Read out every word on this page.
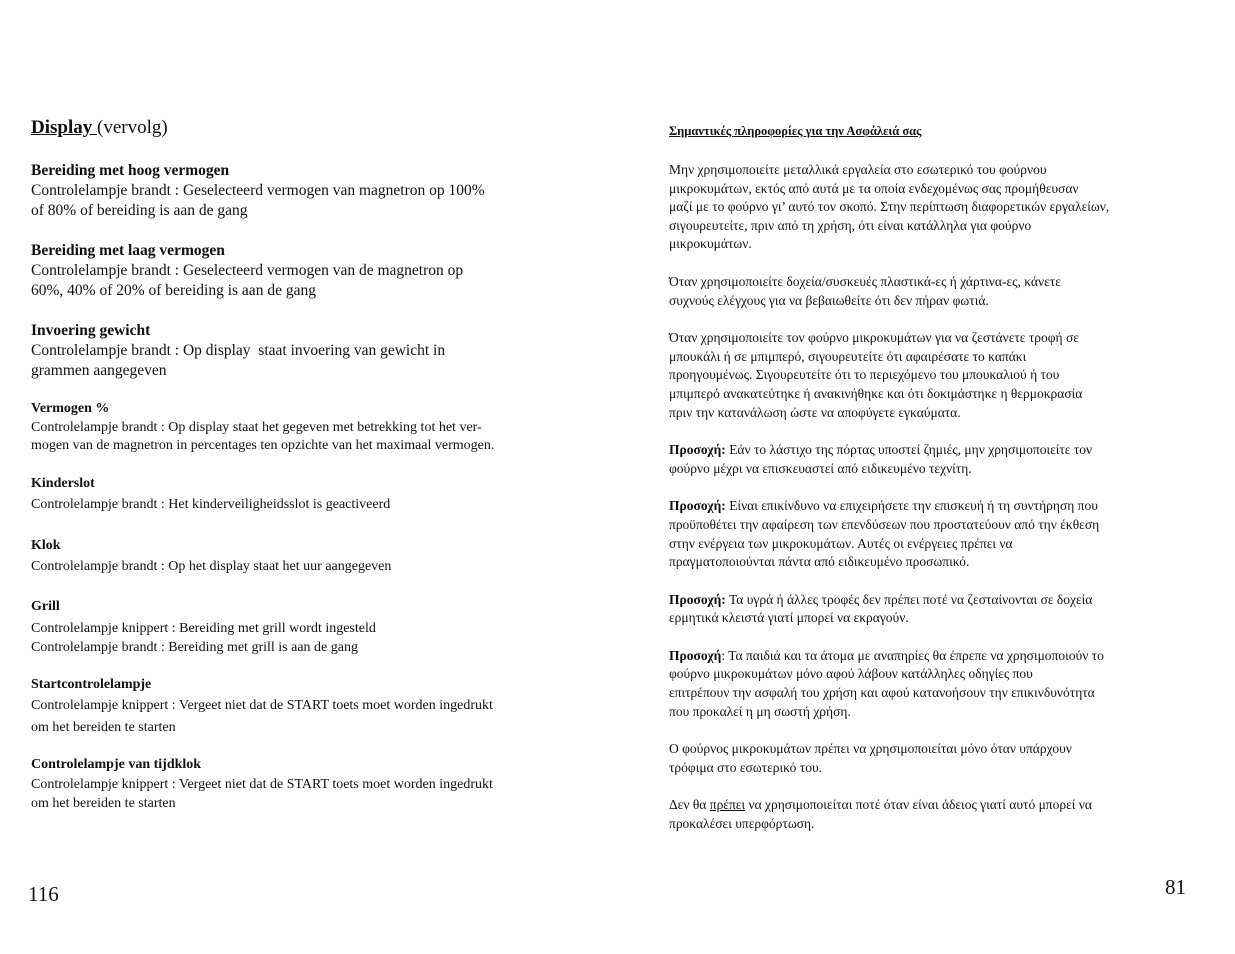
Display (vervolg)
Bereiding met hoog vermogen
Controlelampje brandt : Geselecteerd vermogen van magnetron op 100%
of 80% of bereiding is aan de gang
Bereiding met laag vermogen
Controlelampje brandt : Geselecteerd vermogen van de magnetron op
60%, 40% of 20% of bereiding is aan de gang
Invoering gewicht
Controlelampje brandt : Op display  staat invoering van gewicht in
grammen aangegeven
Vermogen %
Controlelampje brandt : Op display staat het gegeven met betrekking tot het ver-
mogen van de magnetron in percentages ten opzichte van het maximaal vermogen.
Kinderslot
Controlelampje brandt : Het kinderveiligheidsslot is geactiveerd
Klok
Controlelampje brandt : Op het display staat het uur aangegeven
Grill
Controlelampje knippert : Bereiding met grill wordt ingesteld
Controlelampje brandt : Bereiding met grill is aan de gang
Startcontrolelampje
Controlelampje knippert : Vergeet niet dat de START toets moet worden ingedrukt
om het bereiden te starten
Controlelampje van tijdklok
Controlelampje knippert : Vergeet niet dat de START toets moet worden ingedrukt
om het bereiden te starten
116
Σημαντικές πληροφορίες για την Ασφάλειά σας
Μην χρησιμοποιείτε μεταλλικά εργαλεία στο εσωτερικό του φούρνου
μικροκυμάτων, εκτός από αυτά με τα οποία ενδεχομένως σας προμήθευσαν
μαζί με το φούρνο γι’ αυτό τον σκοπό. Στην περίπτωση διαφορετικών εργαλείων,
σιγουρευτείτε, πριν από τη χρήση, ότι είναι κατάλληλα για φούρνο
μικροκυμάτων.
Όταν χρησιμοποιείτε δοχεία/συσκευές πλαστικά-ες ή χάρτινα-ες, κάνετε
συχνούς ελέγχους για να βεβαιωθείτε ότι δεν πήραν φωτιά.
Όταν χρησιμοποιείτε τον φούρνο μικροκυμάτων για να ζεστάνετε τροφή σε
μπουκάλι ή σε μπιμπερό, σιγουρευτείτε ότι αφαιρέσατε το καπάκι
προηγουμένως. Σιγουρευτείτε ότι το περιεχόμενο του μπουκαλιού ή του
μπιμπερό ανακατεύτηκε ή ανακινήθηκε και ότι δοκιμάστηκε η θερμοκρασία
πριν την κατανάλωση ώστε να αποφύγετε εγκαύματα.
Προσοχή: Εάν το λάστιχο της πόρτας υποστεί ζημιές, μην χρησιμοποιείτε τον
φούρνο μέχρι να επισκευαστεί από ειδικευμένο τεχνίτη.
Προσοχή: Είναι επικίνδυνο να επιχειρήσετε την επισκευή ή τη συντήρηση που
προϋποθέτει την αφαίρεση των επενδύσεων που προστατεύουν από την έκθεση
στην ενέργεια των μικροκυμάτων. Αυτές οι ενέργειες πρέπει να
πραγματοποιούνται πάντα από ειδικευμένο προσωπικό.
Προσοχή: Τα υγρά ή άλλες τροφές δεν πρέπει ποτέ να ζεσταίνονται σε δοχεία
ερμητικά κλειστά γιατί μπορεί να εκραγούν.
Προσοχή: Τα παιδιά και τα άτομα με αναπηρίες θα έπρεπε να χρησιμοποιούν το
φούρνο μικροκυμάτων μόνο αφού λάβουν κατάλληλες οδηγίες που
επιτρέπουν την ασφαλή του χρήση και αφού κατανοήσουν την επικινδυνότητα
που προκαλεί η μη σωστή χρήση.
Ο φούρνος μικροκυμάτων πρέπει να χρησιμοποιείται μόνο όταν υπάρχουν
τρόφιμα στο εσωτερικό του.
Δεν θα πρέπει να χρησιμοποιείται ποτέ όταν είναι άδειος γιατί αυτό μπορεί να
προκαλέσει υπερφόρτωση.
81
